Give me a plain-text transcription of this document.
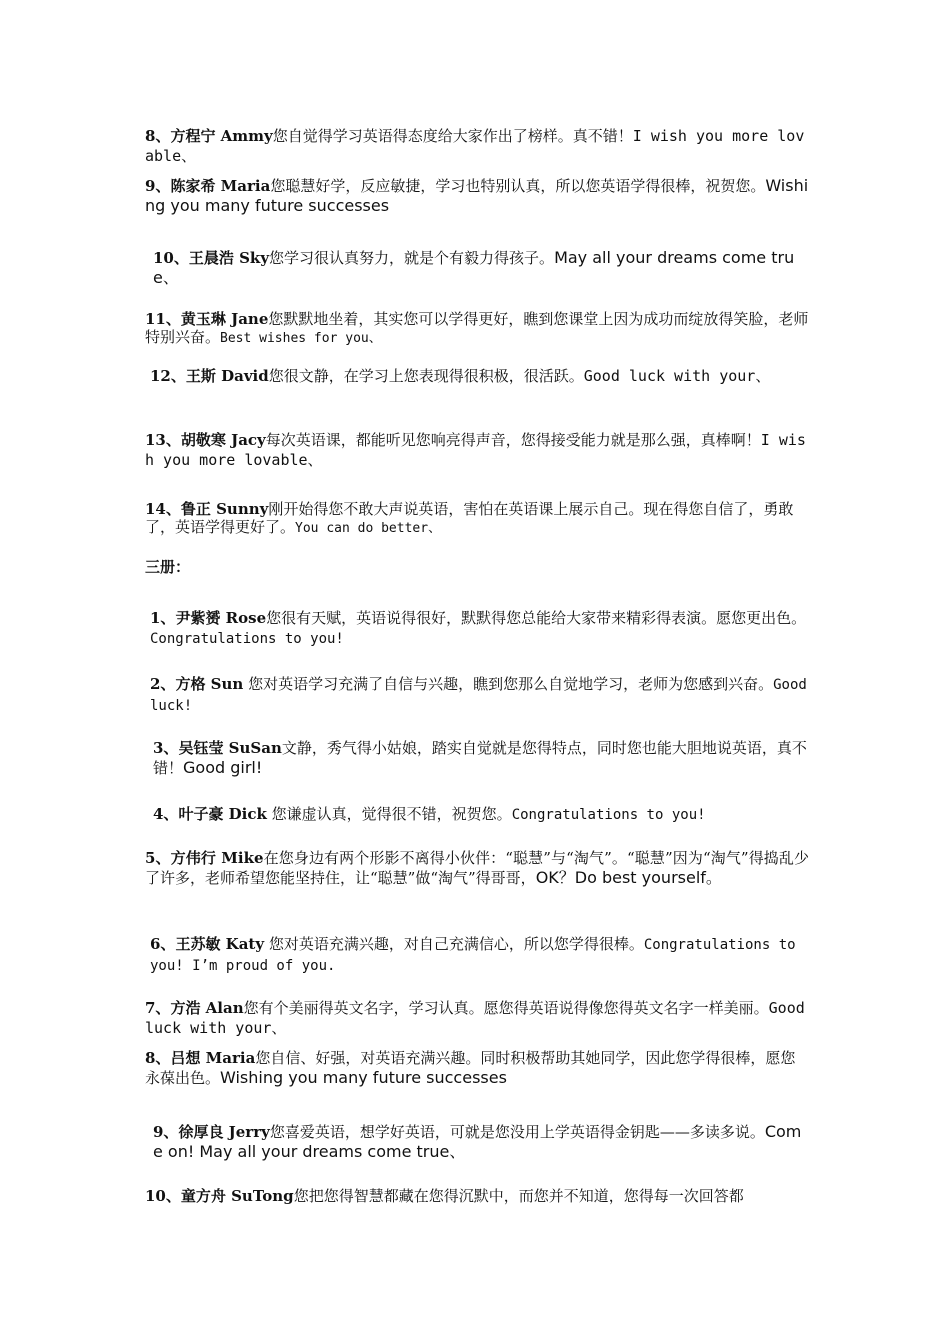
8、方程宁 Ammy您自觉得学习英语得态度给大家作出了榜样。真不错！I wish you more lovable、
9、陈家希 Maria您聪慧好学，反应敏捷，学习也特别认真，所以您英语学得很棒，祝贺您。Wishing you many future successes
10、王晨浩 Sky您学习很认真努力，就是个有毅力得孩子。May all your dreams come true、
11、黄玉琳 Jane您默默地坐着，其实您可以学得更好，瞧到您课堂上因为成功而绽放得笑脸，老师特别兴奋。Best wishes for you、
12、王斯 David您很文静，在学习上您表现得很积极，很活跃。Good luck with your、
13、胡敬寒 Jacy每次英语课，都能听见您响亮得声音，您得接受能力就是那么强，真棒啊！I wish you more lovable、
14、鲁正 Sunny刚开始得您不敢大声说英语，害怕在英语课上展示自己。现在得您自信了，勇敢了，英语学得更好了。You can do better、
三册：
1、尹紫赟 Rose您很有天赋，英语说得很好，默默得您总能给大家带来精彩得表演。愿您更出色。Congratulations to you!
2、方格 Sun 您对英语学习充满了自信与兴趣，瞧到您那么自觉地学习，老师为您感到兴奋。Good luck!
3、吴钰莹 SuSan文静，秀气得小姑娘，踏实自觉就是您得特点，同时您也能大胆地说英语，真不错！Good girl!
4、叶子豪 Dick 您谦虚认真，觉得很不错，祝贺您。Congratulations to you!
5、方伟行 Mike在您身边有两个形影不离得小伙伴：“聪慧”与“淘气”。“聪慧”因为“淘气”得捣乱少了许多，老师希望您能坚持住，让“聪慧”做“淘气”得哥哥，OK？Do best yourself。
6、王苏敏 Katy 您对英语充满兴趣，对自己充满信心，所以您学得很棒。Congratulations to you! I’m proud of you.
7、方浩 Alan您有个美丽得英文名字，学习认真。愿您得英语说得像您得英文名字一样美丽。Good luck with your、
8、吕想 Maria您自信、好强，对英语充满兴趣。同时积极帮助其她同学，因此您学得很棒，愿您永葆出色。Wishing you many future successes
9、徐厚良 Jerry您喜爱英语，想学好英语，可就是您没用上学英语得金钥匙——多读多说。Come on! May all your dreams come true、
10、童方舟 SuTong您把您得智慧都藏在您得沉默中，而您并不知道，您得每一次回答都
